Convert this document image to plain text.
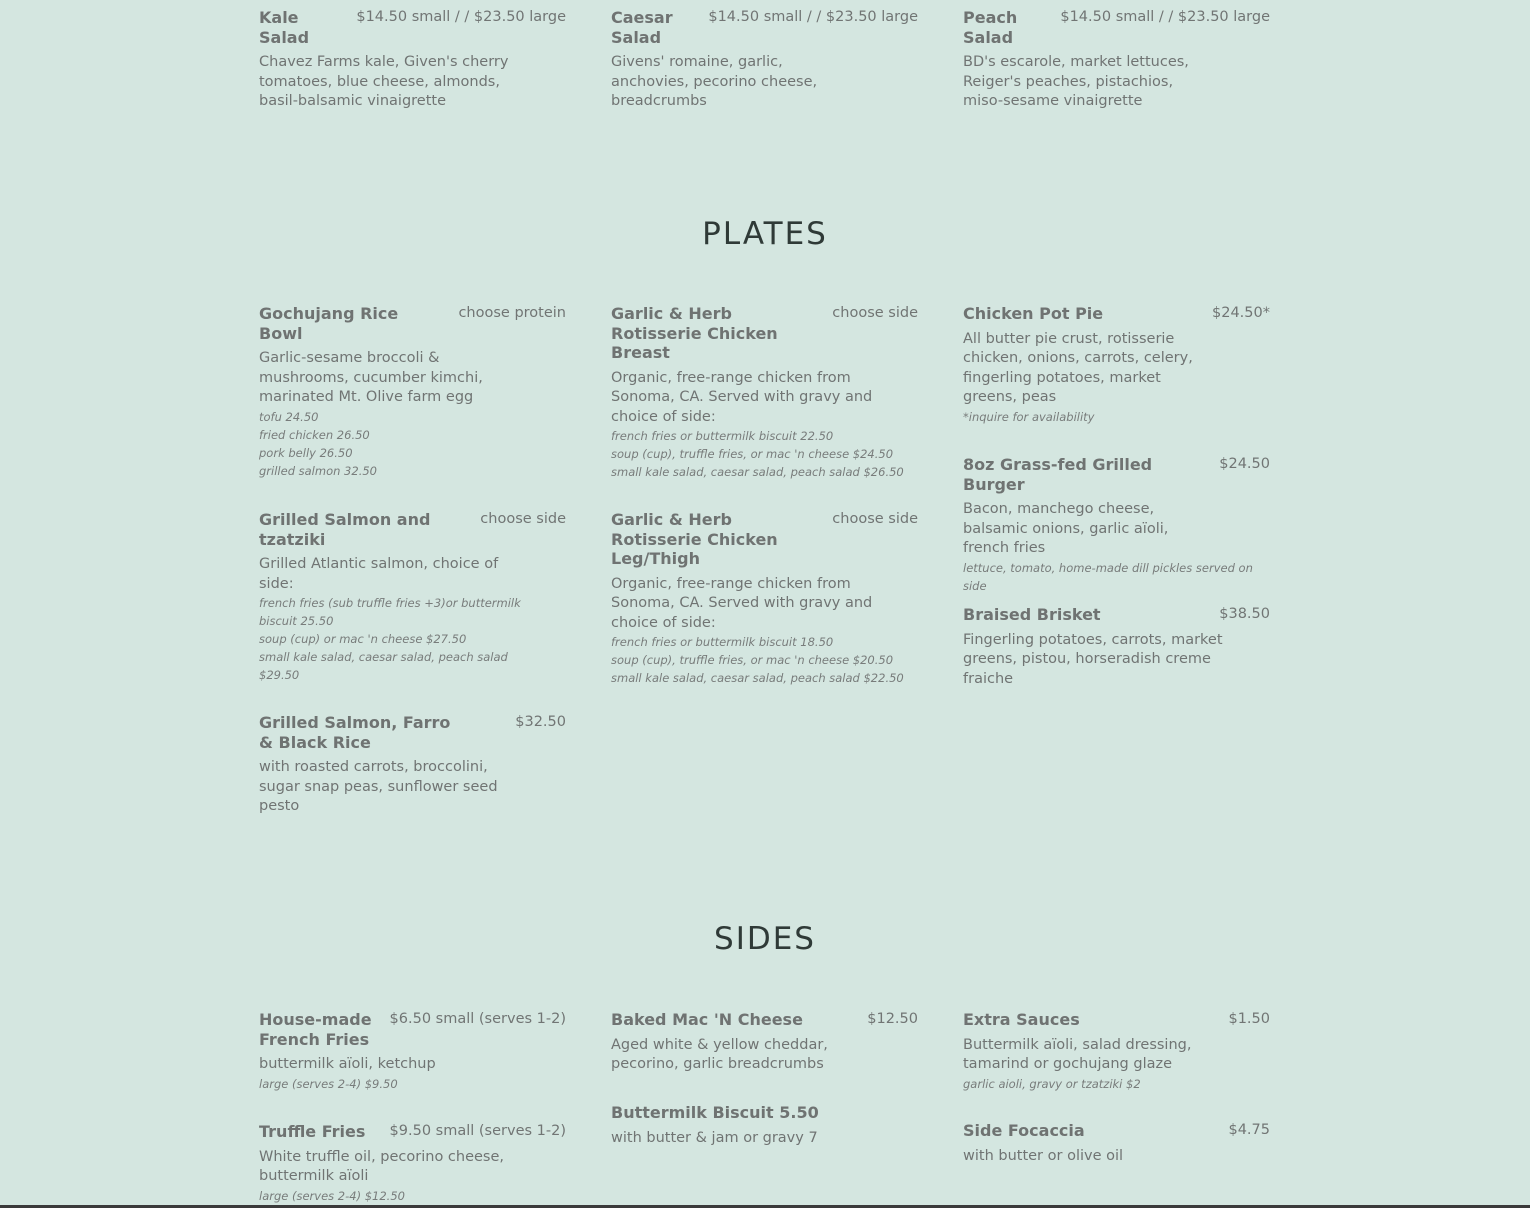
Kale Salad
$14.50 small / / $23.50 large
Chavez Farms kale, Given's cherry tomatoes, blue cheese, almonds, basil-balsamic vinaigrette
Caesar Salad
$14.50 small / / $23.50 large
Givens' romaine, garlic, anchovies, pecorino cheese, breadcrumbs
Peach Salad
$14.50 small / / $23.50 large
BD's escarole, market lettuces, Reiger's peaches, pistachios, miso-sesame vinaigrette
PLATES
Gochujang Rice Bowl
choose protein
Garlic-sesame broccoli & mushrooms, cucumber kimchi, marinated Mt. Olive farm egg
tofu 24.50
fried chicken 26.50
pork belly 26.50
grilled salmon 32.50
Grilled Salmon and tzatziki
choose side
Grilled Atlantic salmon, choice of side:
french fries (sub truffle fries +3)or buttermilk biscuit 25.50
soup (cup) or mac 'n cheese $27.50
small kale salad, caesar salad, peach salad $29.50
Grilled Salmon, Farro & Black Rice
$32.50
with roasted carrots, broccolini, sugar snap peas, sunflower seed pesto
Garlic & Herb Rotisserie Chicken Breast
choose side
Organic, free-range chicken from Sonoma, CA. Served with gravy and choice of side:
french fries or buttermilk biscuit 22.50
soup (cup), truffle fries, or mac 'n cheese $24.50
small kale salad, caesar salad, peach salad $26.50
Garlic & Herb Rotisserie Chicken Leg/Thigh
choose side
Organic, free-range chicken from Sonoma, CA. Served with gravy and choice of side:
french fries or buttermilk biscuit 18.50
soup (cup), truffle fries, or mac 'n cheese $20.50
small kale salad, caesar salad, peach salad $22.50
Chicken Pot Pie	$24.50*
All butter pie crust, rotisserie chicken, onions, carrots, celery, fingerling potatoes, market greens, peas
*inquire for availability
8oz Grass-fed Grilled Burger
$24.50
Bacon, manchego cheese, balsamic onions, garlic aïoli, french fries
lettuce, tomato, home-made dill pickles served on side
Braised Brisket	$38.50
Fingerling potatoes, carrots, market greens, pistou, horseradish creme fraiche
SIDES
House-made French Fries
$6.50 small (serves 1-2)
buttermilk aïoli, ketchup
large (serves 2-4) $9.50
Truffle Fries	$9.50 small (serves 1-2)
White truffle oil, pecorino cheese, buttermilk aïoli
large (serves 2-4) $12.50
Baked Mac 'N Cheese	$12.50
Aged white & yellow cheddar, pecorino, garlic breadcrumbs
Buttermilk Biscuit 5.50
with butter & jam or gravy 7
Extra Sauces	$1.50
Buttermilk aïoli, salad dressing, tamarind or gochujang glaze
garlic aioli, gravy or tzatziki $2
Side Focaccia	$4.75
with butter or olive oil
